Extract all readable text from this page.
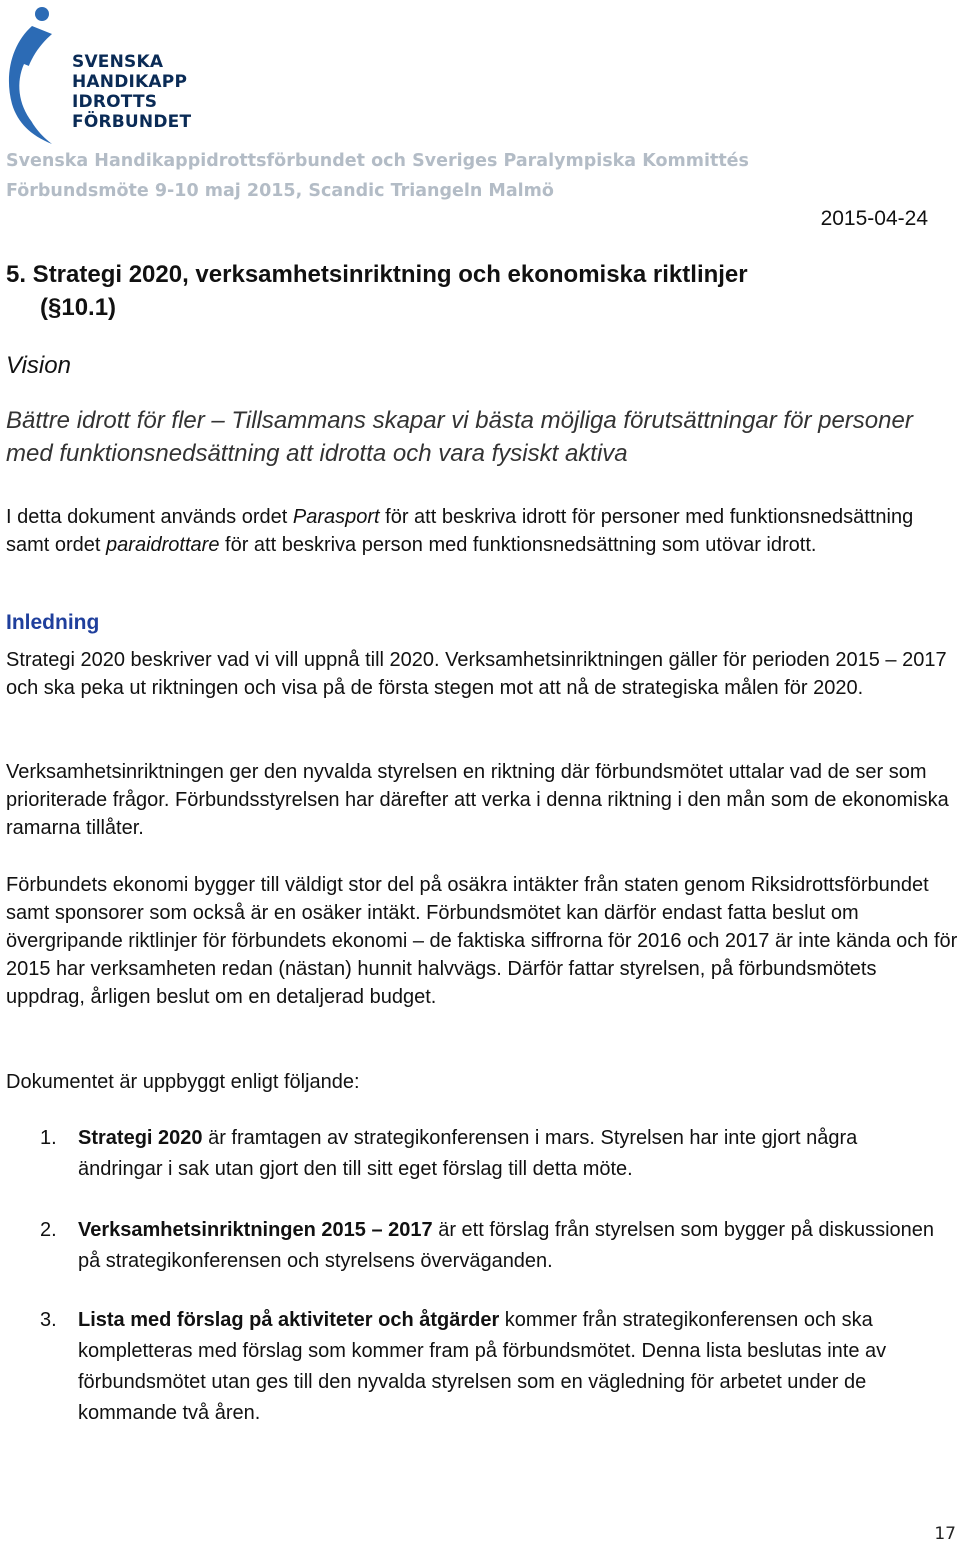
SVENSKA
HANDIKAPP
IDROTTS
FÖRBUNDET
Svenska Handikappidrottsförbundet och Sveriges Paralympiska Kommittés
Förbundsmöte 9-10 maj 2015, Scandic Triangeln Malmö
2015-04-24
5. Strategi 2020, verksamhetsinriktning och ekonomiska riktlinjer
(§10.1)
Vision

Bättre idrott för fler – Tillsammans skapar vi bästa möjliga förutsättningar för personer med funktionsnedsättning att idrotta och vara fysiskt aktiva

I detta dokument används ordet Parasport för att beskriva idrott för personer med funktionsnedsättning samt ordet paraidrottare för att beskriva person med funktionsnedsättning som utövar idrott.

Inledning

Strategi 2020 beskriver vad vi vill uppnå till 2020. Verksamhetsinriktningen gäller för perioden 2015 – 2017 och ska peka ut riktningen och visa på de första stegen mot att nå de strategiska målen för 2020.

Verksamhetsinriktningen ger den nyvalda styrelsen en riktning där förbundsmötet uttalar vad de ser som prioriterade frågor. Förbundsstyrelsen har därefter att verka i denna riktning i den mån som de ekonomiska ramarna tillåter.

Förbundets ekonomi bygger till väldigt stor del på osäkra intäkter från staten genom Riksidrottsförbundet samt sponsorer som också är en osäker intäkt. Förbundsmötet kan därför endast fatta beslut om övergripande riktlinjer för förbundets ekonomi – de faktiska siffrorna för 2016 och 2017 är inte kända och för 2015 har verksamheten redan (nästan) hunnit halvvägs. Därför fattar styrelsen, på förbundsmötets uppdrag, årligen beslut om en detaljerad budget.

Dokumentet är uppbyggt enligt följande:

1. Strategi 2020 är framtagen av strategikonferensen i mars. Styrelsen har inte gjort några ändringar i sak utan gjort den till sitt eget förslag till detta möte.
2. Verksamhetsinriktningen 2015 – 2017 är ett förslag från styrelsen som bygger på diskussionen på strategikonferensen och styrelsens överväganden.
3. Lista med förslag på aktiviteter och åtgärder kommer från strategikonferensen och ska kompletteras med förslag som kommer fram på förbundsmötet. Denna lista beslutas inte av förbundsmötet utan ges till den nyvalda styrelsen som en vägledning för arbetet under de kommande två åren.
17
